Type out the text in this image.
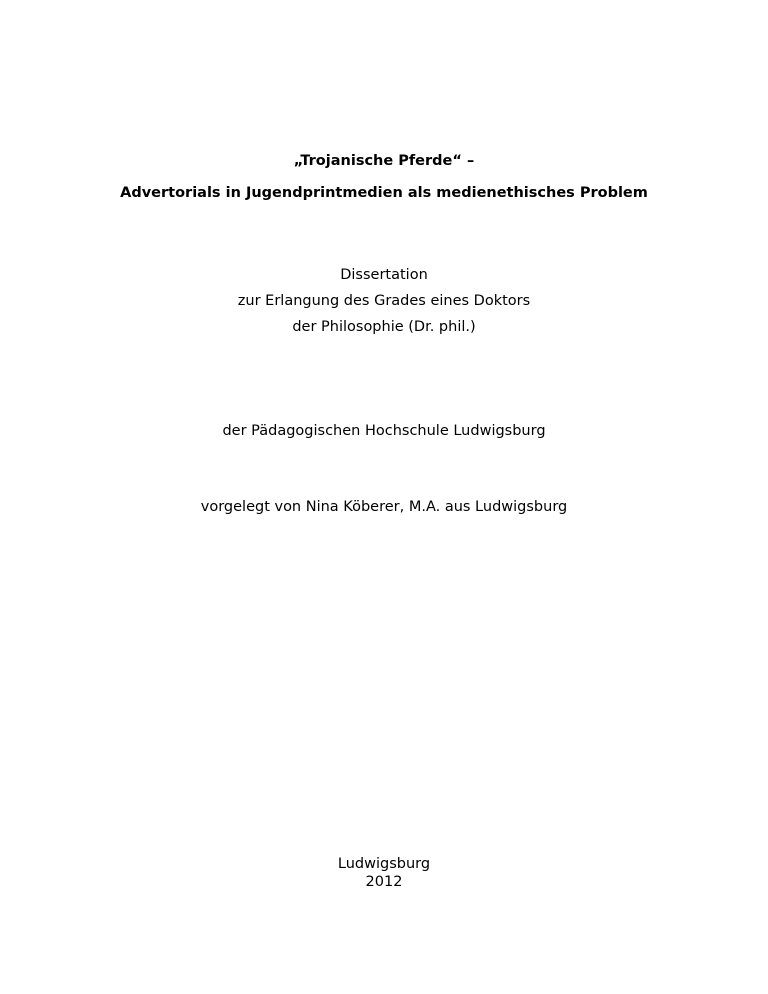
„Trojanische Pferde“ –
Advertorials in Jugendprintmedien als medienethisches Problem
Dissertation
zur Erlangung des Grades eines Doktors
der Philosophie (Dr. phil.)
der Pädagogischen Hochschule Ludwigsburg
vorgelegt von Nina Köberer, M.A. aus Ludwigsburg
Ludwigsburg
2012
